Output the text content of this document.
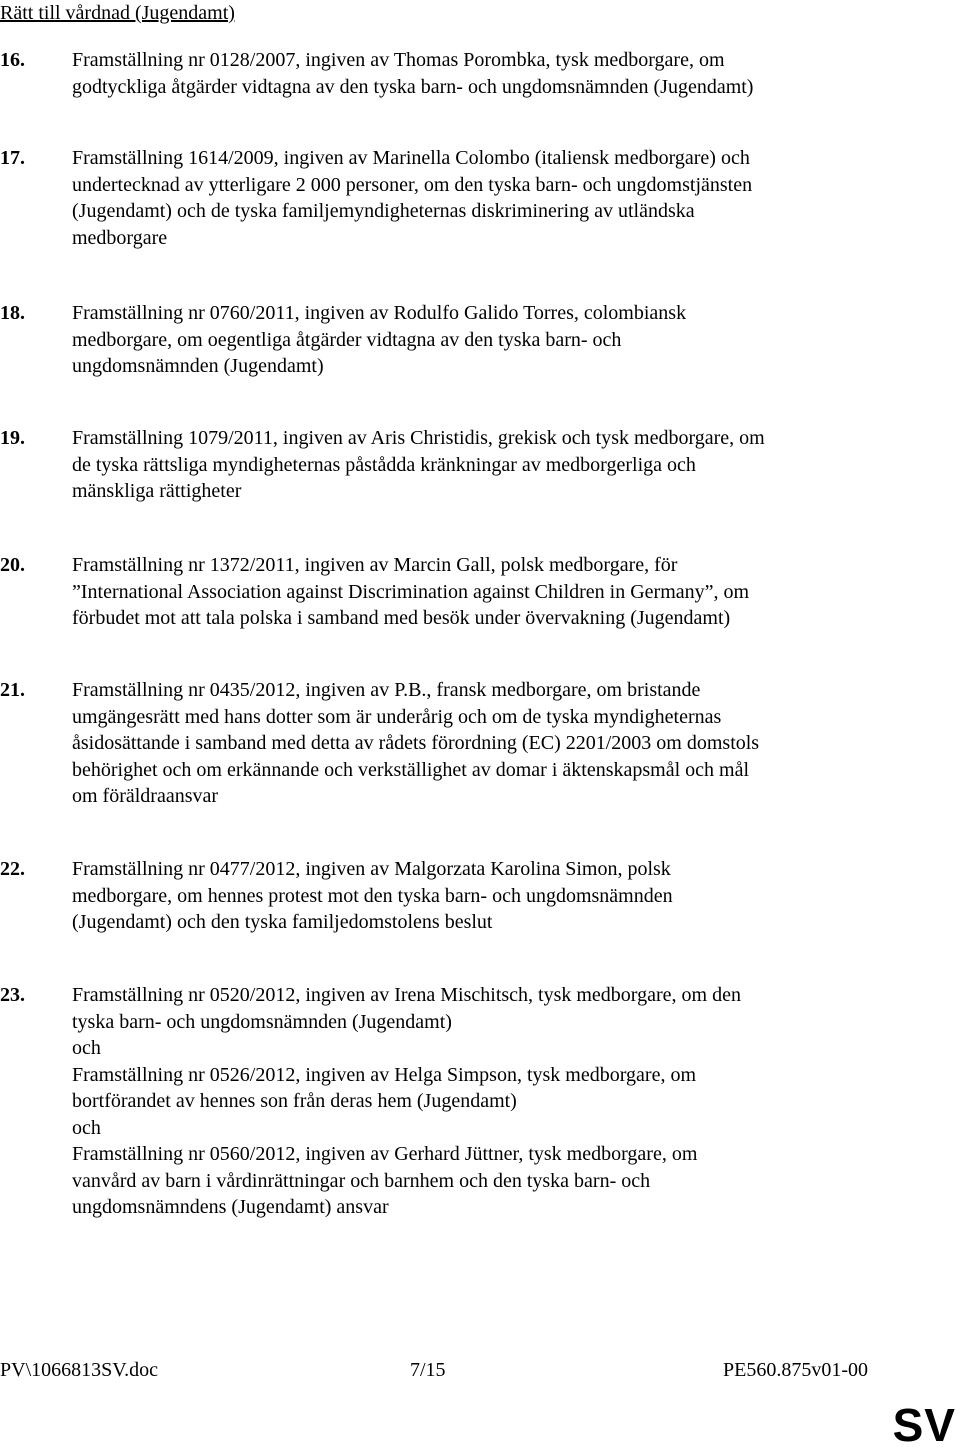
Rätt till vårdnad (Jugendamt)
16. Framställning nr 0128/2007, ingiven av Thomas Porombka, tysk medborgare, om
godtyckliga åtgärder vidtagna av den tyska barn- och ungdomsnämnden (Jugendamt)
17. Framställning 1614/2009, ingiven av Marinella Colombo (italiensk medborgare) och
undertecknad av ytterligare 2 000 personer, om den tyska barn- och ungdomstjänsten
(Jugendamt) och de tyska familjemyndigheternas diskriminering av utländska
medborgare
18. Framställning nr 0760/2011, ingiven av Rodulfo Galido Torres, colombiansk
medborgare, om oegentliga åtgärder vidtagna av den tyska barn- och
ungdomsnämnden (Jugendamt)
19. Framställning 1079/2011, ingiven av Aris Christidis, grekisk och tysk medborgare, om
de tyska rättsliga myndigheternas påstådda kränkningar av medborgerliga och
mänskliga rättigheter
20. Framställning nr 1372/2011, ingiven av Marcin Gall, polsk medborgare, för
”International Association against Discrimination against Children in Germany”, om
förbudet mot att tala polska i samband med besök under övervakning (Jugendamt)
21. Framställning nr 0435/2012, ingiven av P.B., fransk medborgare, om bristande
umgängesrätt med hans dotter som är underårig och om de tyska myndigheternas
åsidosättande i samband med detta av rådets förordning (EC) 2201/2003 om domstols
behörighet och om erkännande och verkställighet av domar i äktenskapsmål och mål
om föräldraansvar
22. Framställning nr 0477/2012, ingiven av Malgorzata Karolina Simon, polsk
medborgare, om hennes protest mot den tyska barn- och ungdomsnämnden
(Jugendamt) och den tyska familjedomstolens beslut
23. Framställning nr 0520/2012, ingiven av Irena Mischitsch, tysk medborgare, om den
tyska barn- och ungdomsnämnden (Jugendamt)
och
Framställning nr 0526/2012, ingiven av Helga Simpson, tysk medborgare, om
bortförandet av hennes son från deras hem (Jugendamt)
och
Framställning nr 0560/2012, ingiven av Gerhard Jüttner, tysk medborgare, om
vanvård av barn i vårdinrättningar och barnhem och den tyska barn- och
ungdomsnämndens (Jugendamt) ansvar
PV\1066813SV.doc	7/15	PE560.875v01-00
SV
